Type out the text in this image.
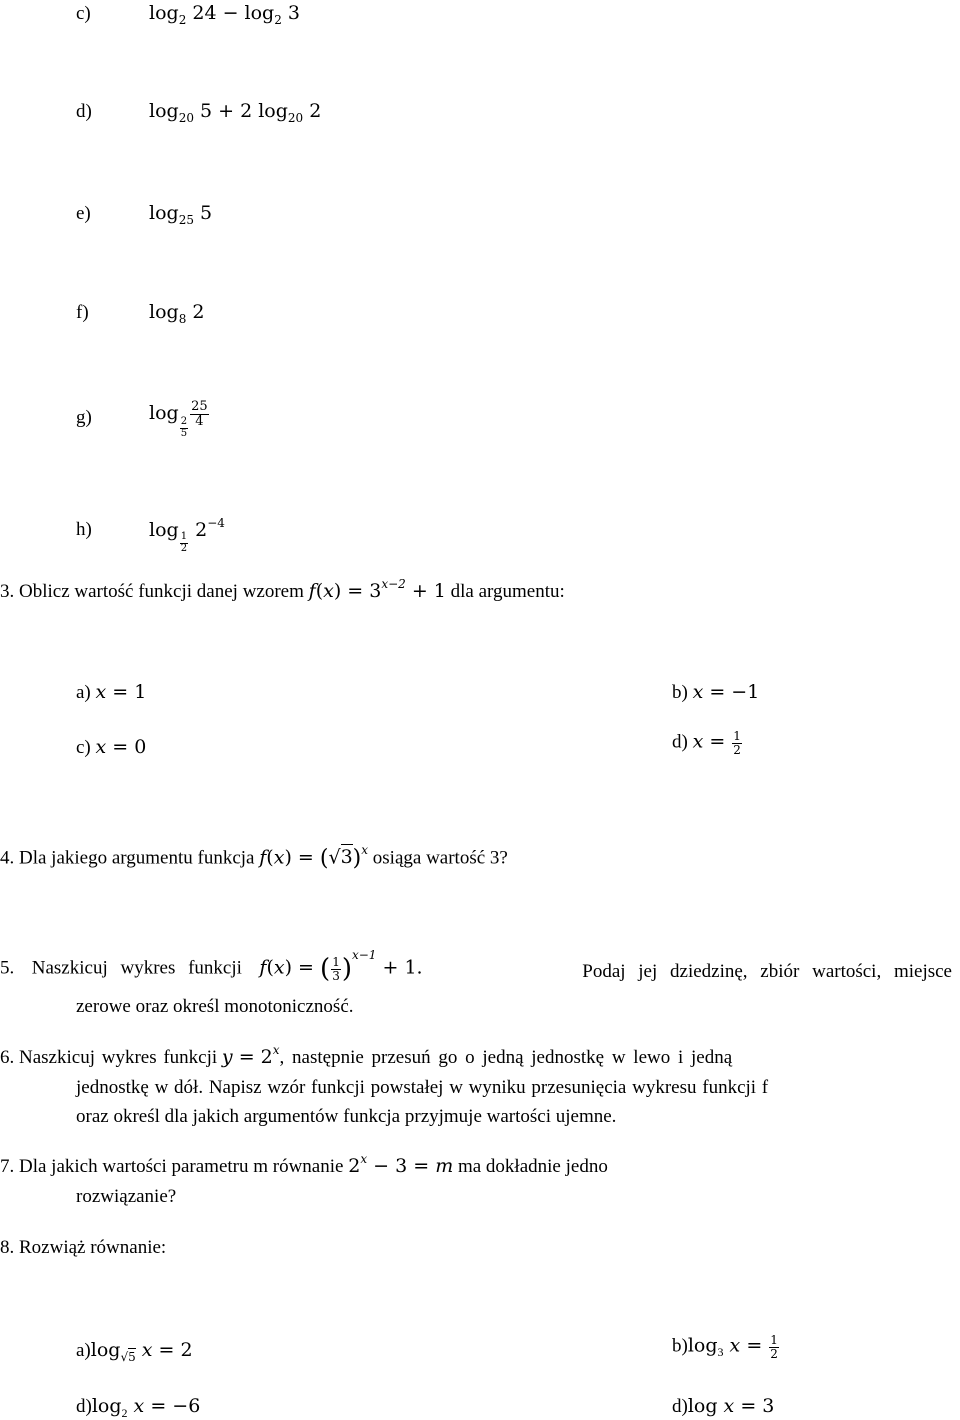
c)	$\log_2 24 - \log_2 3$
d)	$\log_{20} 5 + 2$ $\log_{20} 2$
e)	$\log_{25} 5$
f)	$\log_8 2$
g)	log
$\frac{2}{5} \frac{25}{4}$
h)	log
$\frac{1}{2}$
$2^{-4}$
3. Oblicz wartość funkcji danej wzorem $f(x) = 3^{x-2} + 1$ dla argumentu:
a) x = 1	b) x = −1
c) x = 0	d) $x = \frac{1}{2}$
4. Dla jakiego argumentu funkcja $f(x) = (√3)^x$ osiąga wartość 3?
5. Naszkicuj wykres funkcji f(x) = ( $\frac{1}{3} )^{x-1} + 1$.	Podaj jej dziedzinę, zbiór wartości, miejsce
zerowe oraz określ monotoniczność.
6. Naszkicuj wykres funkcji $y = 2^x$, następnie przesuń go o jedną jednostkę w lewo i jedną
jednostkę w dół. Napisz wzór funkcji powstałej w wyniku przesunięcia wykresu funkcji f
oraz określ dla jakich argumentów funkcja przyjmuje wartości ujemne.
7. Dla jakich wartości parametru m równanie $2^x - 3 = m$ ma dokładnie jedno
rozwiązanie?
8. Rozwiąż równanie:
$a)\log_{√5}$ x = 2	$b)\log_3$ $x = \frac{1}{2}$
$d)\log_2$ x = −6	d)log x = 3
